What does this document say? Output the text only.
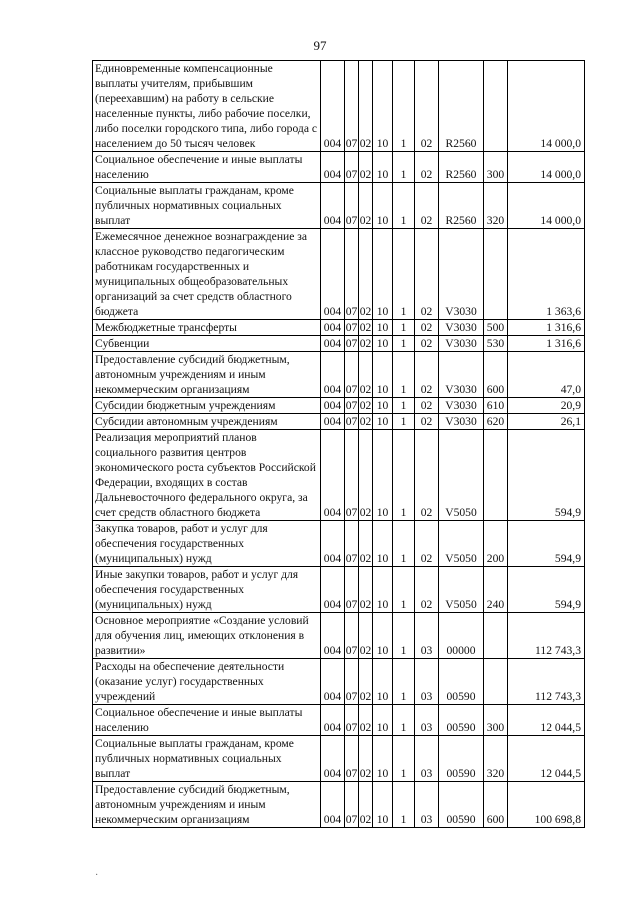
97
Единовременные компенсационные выплаты учителям, прибывшим (переехавшим) на работу в сельские населенные пункты, либо рабочие поселки, либо поселки городского типа, либо города с населением до 50 тысяч человек	004	07	02	10	1	02	R2560		14 000,0
Социальное обеспечение и иные выплаты населению	004	07	02	10	1	02	R2560	300	14 000,0
Социальные выплаты гражданам, кроме публичных нормативных социальных выплат	004	07	02	10	1	02	R2560	320	14 000,0
Ежемесячное денежное вознаграждение за классное руководство педагогическим работникам государственных и муниципальных общеобразовательных организаций за счет средств областного бюджета	004	07	02	10	1	02	V3030		1 363,6
Межбюджетные трансферты	004	07	02	10	1	02	V3030	500	1 316,6
Субвенции	004	07	02	10	1	02	V3030	530	1 316,6
Предоставление субсидий бюджетным, автономным учреждениям и иным некоммерческим организациям	004	07	02	10	1	02	V3030	600	47,0
Субсидии бюджетным учреждениям	004	07	02	10	1	02	V3030	610	20,9
Субсидии автономным учреждениям	004	07	02	10	1	02	V3030	620	26,1
Реализация мероприятий планов социального развития центров экономического роста субъектов Российской Федерации, входящих в состав Дальневосточного федерального округа, за счет средств областного бюджета	004	07	02	10	1	02	V5050		594,9
Закупка товаров, работ и услуг для обеспечения государственных (муниципальных) нужд	004	07	02	10	1	02	V5050	200	594,9
Иные закупки товаров, работ и услуг для обеспечения государственных (муниципальных) нужд	004	07	02	10	1	02	V5050	240	594,9
Основное мероприятие «Создание условий для обучения лиц, имеющих отклонения в развитии»	004	07	02	10	1	03	00000		112 743,3
Расходы на обеспечение деятельности (оказание услуг) государственных учреждений	004	07	02	10	1	03	00590		112 743,3
Социальное обеспечение и иные выплаты населению	004	07	02	10	1	03	00590	300	12 044,5
Социальные выплаты гражданам, кроме публичных нормативных социальных выплат	004	07	02	10	1	03	00590	320	12 044,5
Предоставление субсидий бюджетным, автономным учреждениям и иным некоммерческим организациям	004	07	02	10	1	03	00590	600	100 698,8
·
